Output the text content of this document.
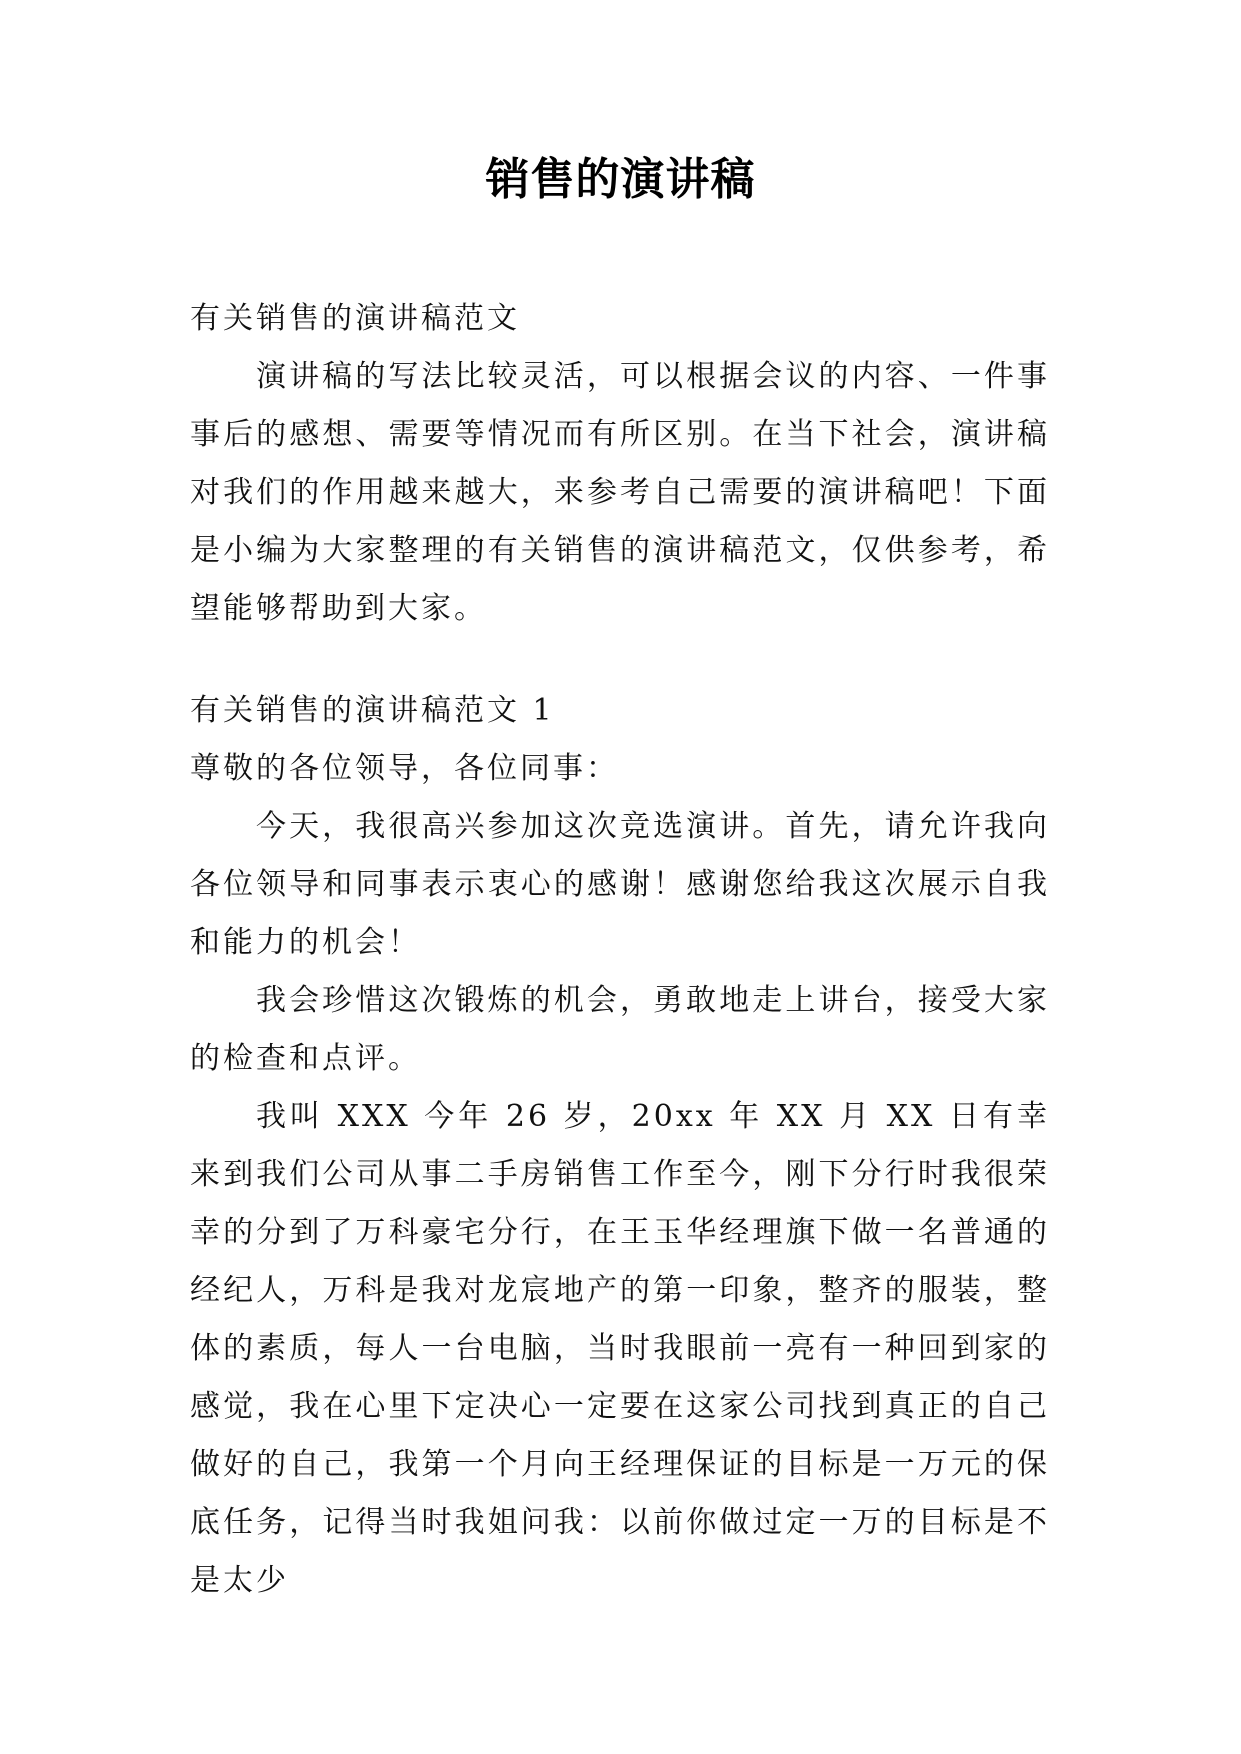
销售的演讲稿

有关销售的演讲稿范文

演讲稿的写法比较灵活，可以根据会议的内容、一件事事后的感想、需要等情况而有所区别。在当下社会，演讲稿对我们的作用越来越大，来参考自己需要的演讲稿吧！下面是小编为大家整理的有关销售的演讲稿范文，仅供参考，希望能够帮助到大家。

有关销售的演讲稿范文 1

尊敬的各位领导，各位同事：

今天，我很高兴参加这次竞选演讲。首先，请允许我向各位领导和同事表示衷心的感谢！感谢您给我这次展示自我和能力的机会！

我会珍惜这次锻炼的机会，勇敢地走上讲台，接受大家的检查和点评。

我叫 XXX 今年 26 岁，20xx 年 XX 月 XX 日有幸来到我们公司从事二手房销售工作至今，刚下分行时我很荣幸的分到了万科豪宅分行，在王玉华经理旗下做一名普通的经纪人，万科是我对龙宸地产的第一印象，整齐的服装，整体的素质，每人一台电脑，当时我眼前一亮有一种回到家的感觉，我在心里下定决心一定要在这家公司找到真正的自己做好的自己，我第一个月向王经理保证的目标是一万元的保底任务，记得当时我姐问我：以前你做过定一万的目标是不是太少
